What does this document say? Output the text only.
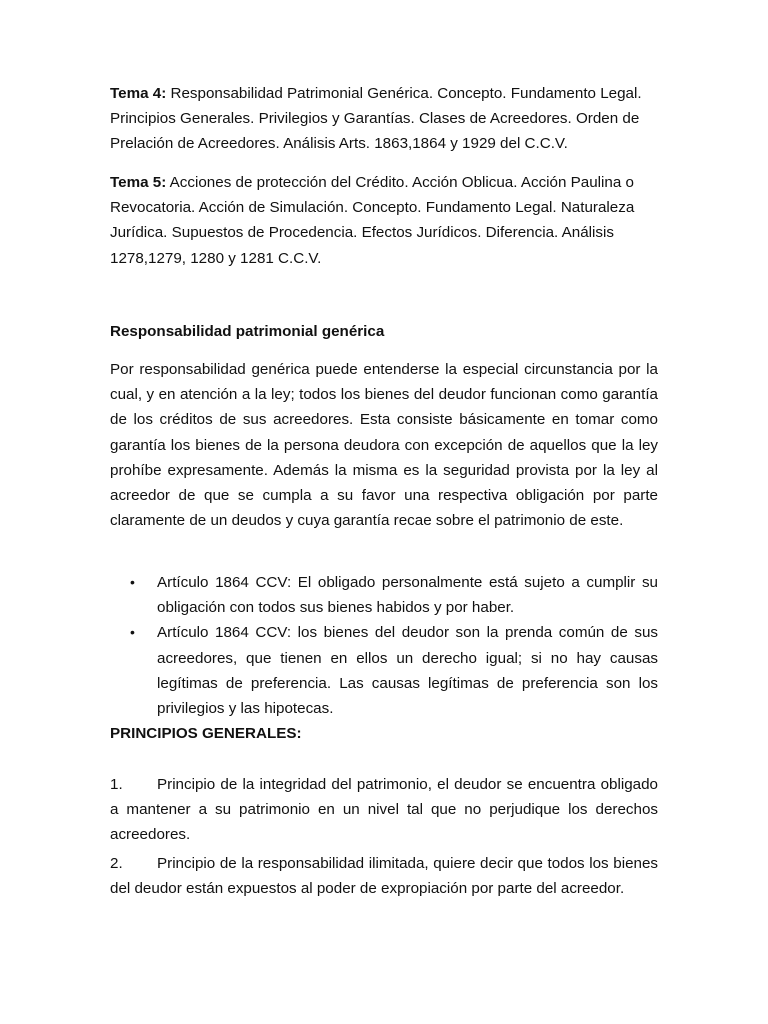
Tema 4: Responsabilidad Patrimonial Genérica. Concepto. Fundamento Legal. Principios Generales. Privilegios y Garantías. Clases de Acreedores. Orden de Prelación de Acreedores. Análisis Arts. 1863,1864 y 1929 del C.C.V.

Tema 5: Acciones de protección del Crédito. Acción Oblicua. Acción Paulina o Revocatoria. Acción de Simulación. Concepto. Fundamento Legal. Naturaleza Jurídica. Supuestos de Procedencia. Efectos Jurídicos. Diferencia. Análisis 1278,1279, 1280 y 1281 C.C.V.

Responsabilidad patrimonial genérica

Por responsabilidad genérica puede entenderse la especial circunstancia por la cual, y en atención a la ley; todos los bienes del deudor funcionan como garantía de los créditos de sus acreedores. Esta consiste básicamente en tomar como garantía los bienes de la persona deudora con excepción de aquellos que la ley prohíbe expresamente. Además la misma es la seguridad provista por la ley al acreedor de que se cumpla a su favor una respectiva obligación por parte claramente de un deudos y cuya garantía recae sobre el patrimonio de este.

• Artículo 1864 CCV: El obligado personalmente está sujeto a cumplir su obligación con todos sus bienes habidos y por haber.
• Artículo 1864 CCV: los bienes del deudor son la prenda común de sus acreedores, que tienen en ellos un derecho igual; si no hay causas legítimas de preferencia. Las causas legítimas de preferencia son los privilegios y las hipotecas.

PRINCIPIOS GENERALES:

1. Principio de la integridad del patrimonio, el deudor se encuentra obligado a mantener a su patrimonio en un nivel tal que no perjudique los derechos acreedores.
2. Principio de la responsabilidad ilimitada, quiere decir que todos los bienes del deudor están expuestos al poder de expropiación por parte del acreedor.
